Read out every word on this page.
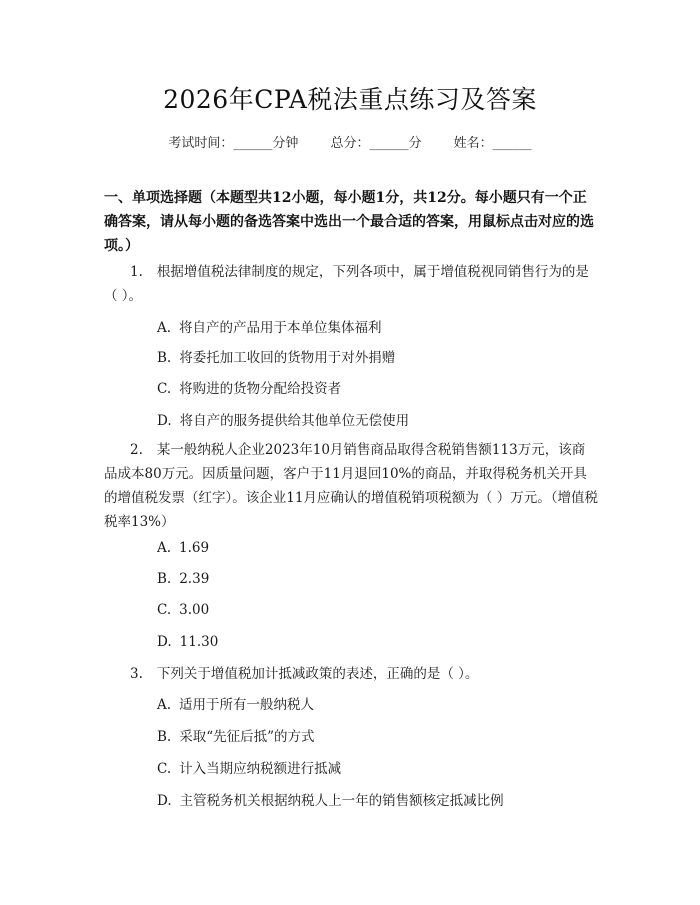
2026年CPA税法重点练习及答案
考试时间：______分钟 总分：______分 姓名：______
一、单项选择题（本题型共12小题，每小题1分，共12分。每小题只有一个正确答案，请从每小题的备选答案中选出一个最合适的答案，用鼠标点击对应的选项。）
1. 根据增值税法律制度的规定，下列各项中，属于增值税视同销售行为的是（ ）。
A. 将自产的产品用于本单位集体福利
B. 将委托加工收回的货物用于对外捐赠
C. 将购进的货物分配给投资者
D. 将自产的服务提供给其他单位无偿使用
2. 某一般纳税人企业2023年10月销售商品取得含税销售额113万元，该商品成本80万元。因质量问题，客户于11月退回10%的商品，并取得税务机关开具的增值税发票（红字）。该企业11月应确认的增值税销项税额为（ ）万元。（增值税税率13%）
A. 1.69
B. 2.39
C. 3.00
D. 11.30
3. 下列关于增值税加计抵减政策的表述，正确的是（ ）。
A. 适用于所有一般纳税人
B. 采取“先征后抵”的方式
C. 计入当期应纳税额进行抵减
D. 主管税务机关根据纳税人上一年的销售额核定抵减比例
